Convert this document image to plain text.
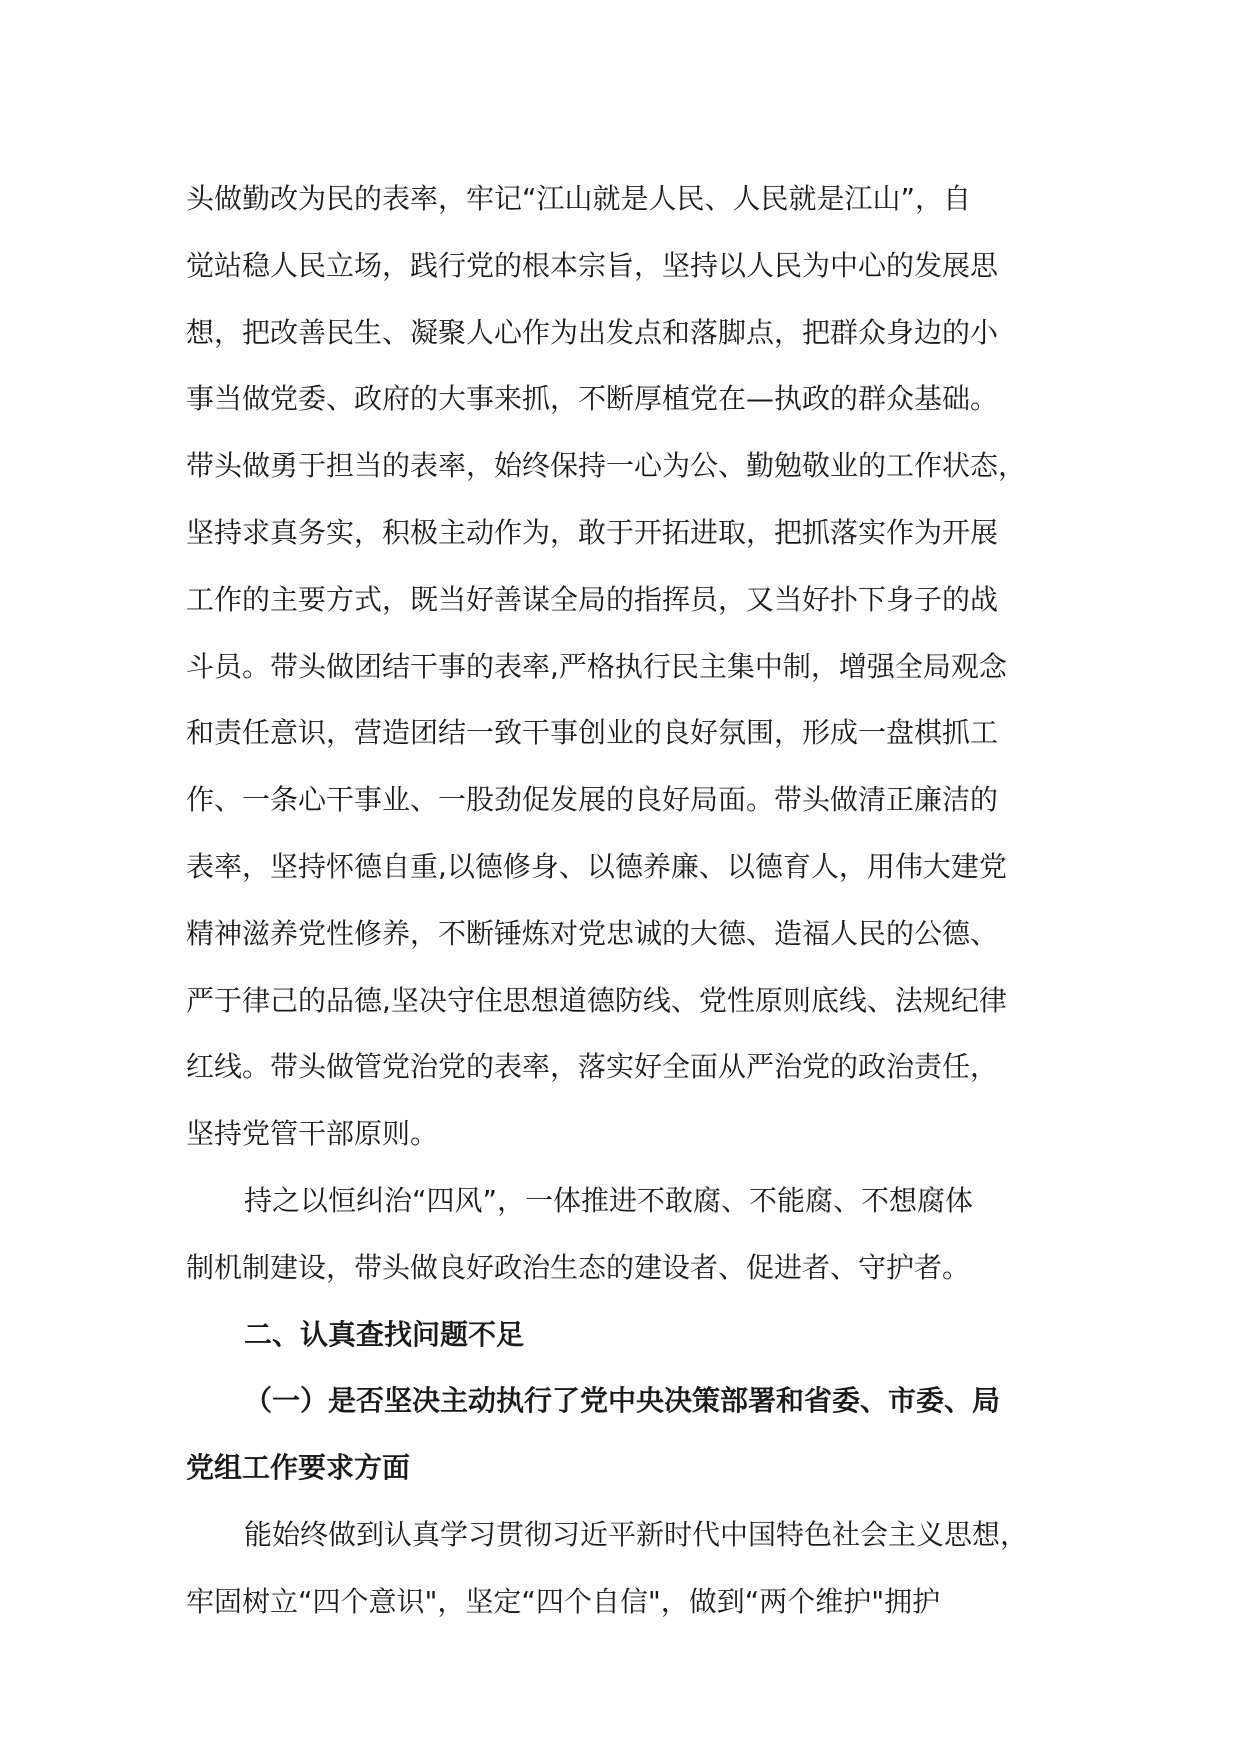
头做勤改为民的表率，牢记“江山就是人民、人民就是江山”，自
觉站稳人民立场，践行党的根本宗旨，坚持以人民为中心的发展思
想，把改善民生、凝聚人心作为出发点和落脚点，把群众身边的小
事当做党委、政府的大事来抓，不断厚植党在—执政的群众基础。
带头做勇于担当的表率，始终保持一心为公、勤勉敬业的工作状态，
坚持求真务实，积极主动作为，敢于开拓进取，把抓落实作为开展
工作的主要方式，既当好善谋全局的指挥员，又当好扑下身子的战
斗员。带头做团结干事的表率,严格执行民主集中制，增强全局观念
和责任意识，营造团结一致干事创业的良好氛围，形成一盘棋抓工
作、一条心干事业、一股劲促发展的良好局面。带头做清正廉洁的
表率，坚持怀德自重,以德修身、以德养廉、以德育人，用伟大建党
精神滋养党性修养，不断锤炼对党忠诚的大德、造福人民的公德、
严于律己的品德,坚决守住思想道德防线、党性原则底线、法规纪律
红线。带头做管党治党的表率，落实好全面从严治党的政治责任，
坚持党管干部原则。

持之以恒纠治“四风”，一体推进不敢腐、不能腐、不想腐体
制机制建设，带头做良好政治生态的建设者、促进者、守护者。

二、认真查找问题不足

（一）是否坚决主动执行了党中央决策部署和省委、市委、局
党组工作要求方面

能始终做到认真学习贯彻习近平新时代中国特色社会主义思想，
牢固树立“四个意识"，坚定“四个自信"，做到“两个维护"拥护
